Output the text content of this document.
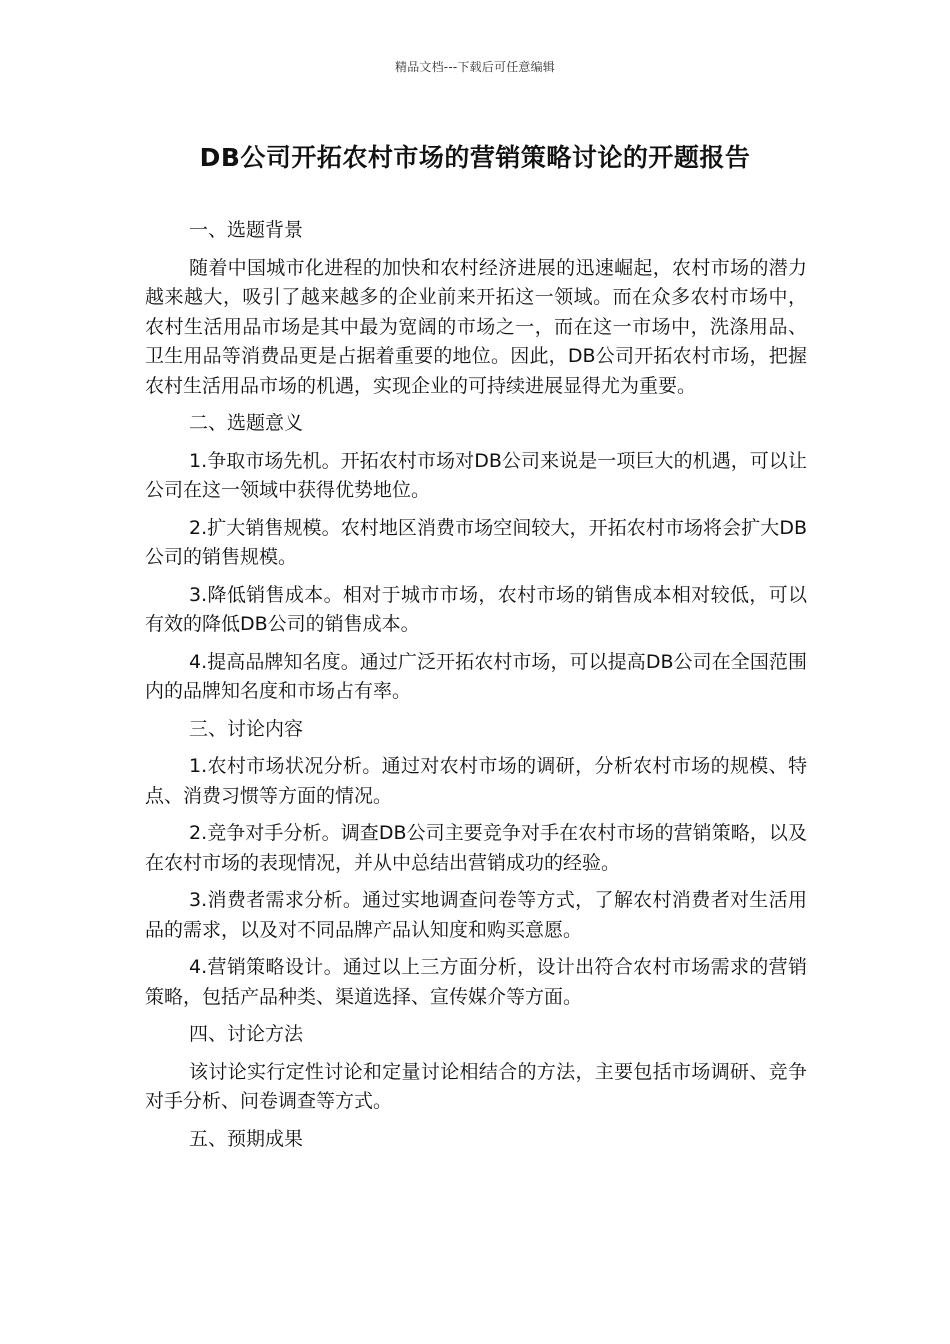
精品文档---下载后可任意编辑
DB公司开拓农村市场的营销策略讨论的开题报告

一、选题背景

随着中国城市化进程的加快和农村经济进展的迅速崛起，农村市场的潜力越来越大，吸引了越来越多的企业前来开拓这一领域。而在众多农村市场中，农村生活用品市场是其中最为宽阔的市场之一，而在这一市场中，洗涤用品、卫生用品等消费品更是占据着重要的地位。因此，DB公司开拓农村市场，把握农村生活用品市场的机遇，实现企业的可持续进展显得尤为重要。

二、选题意义

1.争取市场先机。开拓农村市场对DB公司来说是一项巨大的机遇，可以让公司在这一领域中获得优势地位。

2.扩大销售规模。农村地区消费市场空间较大，开拓农村市场将会扩大DB公司的销售规模。

3.降低销售成本。相对于城市市场，农村市场的销售成本相对较低，可以有效的降低DB公司的销售成本。

4.提高品牌知名度。通过广泛开拓农村市场，可以提高DB公司在全国范围内的品牌知名度和市场占有率。

三、讨论内容

1.农村市场状况分析。通过对农村市场的调研，分析农村市场的规模、特点、消费习惯等方面的情况。

2.竞争对手分析。调查DB公司主要竞争对手在农村市场的营销策略，以及在农村市场的表现情况，并从中总结出营销成功的经验。

3.消费者需求分析。通过实地调查问卷等方式，了解农村消费者对生活用品的需求，以及对不同品牌产品认知度和购买意愿。

4.营销策略设计。通过以上三方面分析，设计出符合农村市场需求的营销策略，包括产品种类、渠道选择、宣传媒介等方面。

四、讨论方法

该讨论实行定性讨论和定量讨论相结合的方法，主要包括市场调研、竞争对手分析、问卷调查等方式。

五、预期成果
